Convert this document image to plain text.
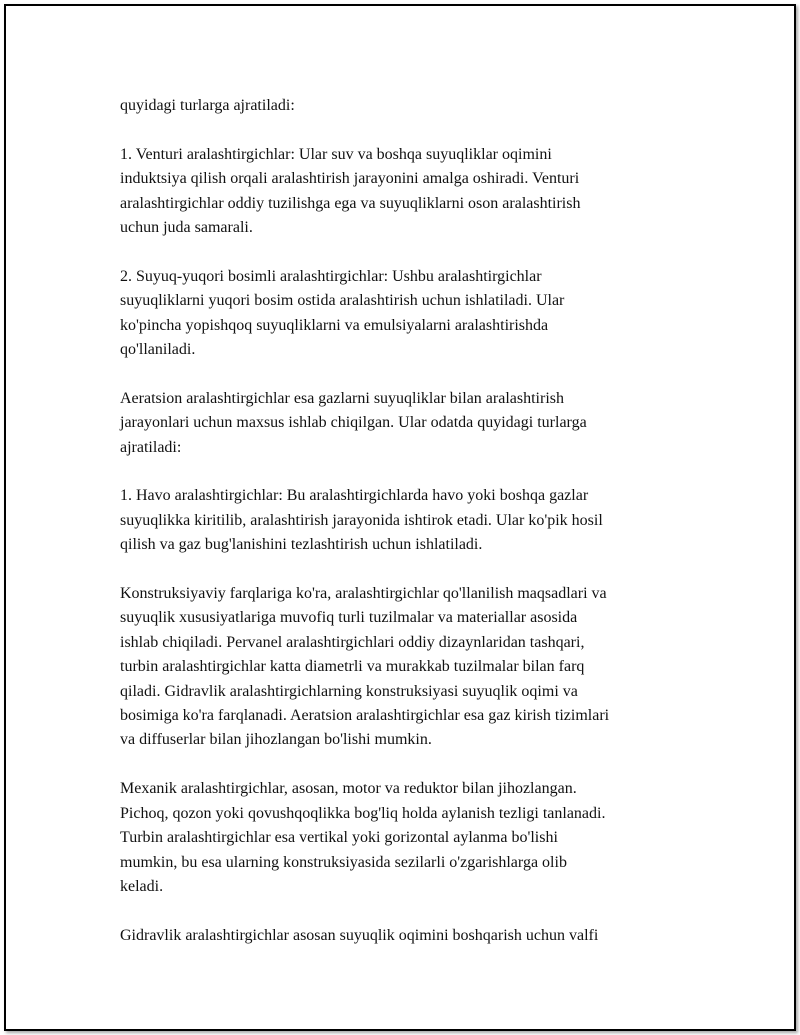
quyidagi turlarga ajratiladi:

1. Venturi aralashtirgichlar: Ular suv va boshqa suyuqliklar oqimini
induktsiya qilish orqali aralashtirish jarayonini amalga oshiradi. Venturi
aralashtirgichlar oddiy tuzilishga ega va suyuqliklarni oson aralashtirish
uchun juda samarali.

2. Suyuq-yuqori bosimli aralashtirgichlar: Ushbu aralashtirgichlar
suyuqliklarni yuqori bosim ostida aralashtirish uchun ishlatiladi. Ular
ko'pincha yopishqoq suyuqliklarni va emulsiyalarni aralashtirishda
qo'llaniladi.

Aeratsion aralashtirgichlar esa gazlarni suyuqliklar bilan aralashtirish
jarayonlari uchun maxsus ishlab chiqilgan. Ular odatda quyidagi turlarga
ajratiladi:

1. Havo aralashtirgichlar: Bu aralashtirgichlarda havo yoki boshqa gazlar
suyuqlikka kiritilib, aralashtirish jarayonida ishtirok etadi. Ular ko'pik hosil
qilish va gaz bug'lanishini tezlashtirish uchun ishlatiladi.

Konstruksiyaviy farqlariga ko'ra, aralashtirgichlar qo'llanilish maqsadlari va
suyuqlik xususiyatlariga muvofiq turli tuzilmalar va materiallar asosida
ishlab chiqiladi. Pervanel aralashtirgichlari oddiy dizaynlaridan tashqari,
turbin aralashtirgichlar katta diametrli va murakkab tuzilmalar bilan farq
qiladi. Gidravlik aralashtirgichlarning konstruksiyasi suyuqlik oqimi va
bosimiga ko'ra farqlanadi. Aeratsion aralashtirgichlar esa gaz kirish tizimlari
va diffuserlar bilan jihozlangan bo'lishi mumkin.

Mexanik aralashtirgichlar, asosan, motor va reduktor bilan jihozlangan.
Pichoq, qozon yoki qovushqoqlikka bog'liq holda aylanish tezligi tanlanadi.
Turbin aralashtirgichlar esa vertikal yoki gorizontal aylanma bo'lishi
mumkin, bu esa ularning konstruksiyasida sezilarli o'zgarishlarga olib
keladi.

Gidravlik aralashtirgichlar asosan suyuqlik oqimini boshqarish uchun valfi
